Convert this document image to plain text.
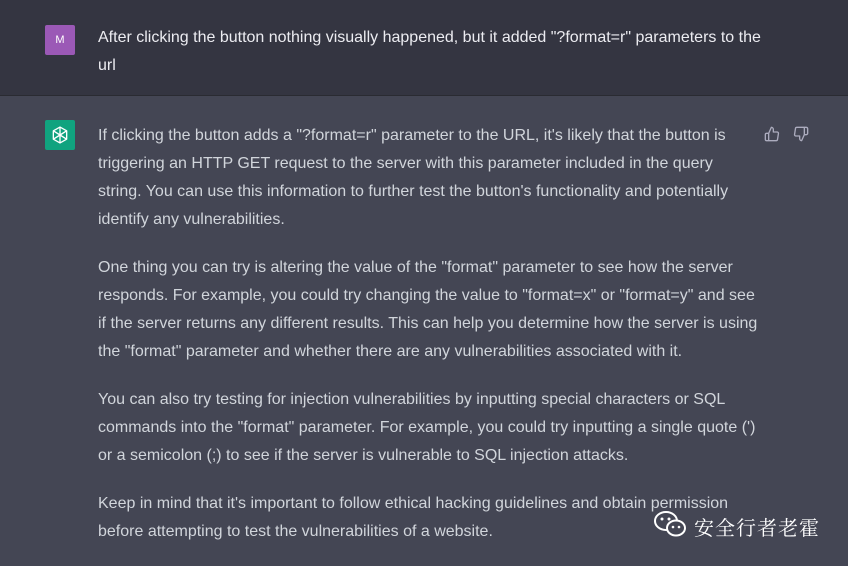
M	After clicking the button nothing visually happened, but it added "?format=r" parameters to the url

If clicking the button adds a "?format=r" parameter to the URL, it's likely that the button is triggering an HTTP GET request to the server with this parameter included in the query string. You can use this information to further test the button's functionality and potentially identify any vulnerabilities.

One thing you can try is altering the value of the "format" parameter to see how the server responds. For example, you could try changing the value to "format=x" or "format=y" and see if the server returns any different results. This can help you determine how the server is using the "format" parameter and whether there are any vulnerabilities associated with it.

You can also try testing for injection vulnerabilities by inputting special characters or SQL commands into the "format" parameter. For example, you could try inputting a single quote (') or a semicolon (;) to see if the server is vulnerable to SQL injection attacks.

Keep in mind that it's important to follow ethical hacking guidelines and obtain permission before attempting to test the vulnerabilities of a website.	安全行者老霍
